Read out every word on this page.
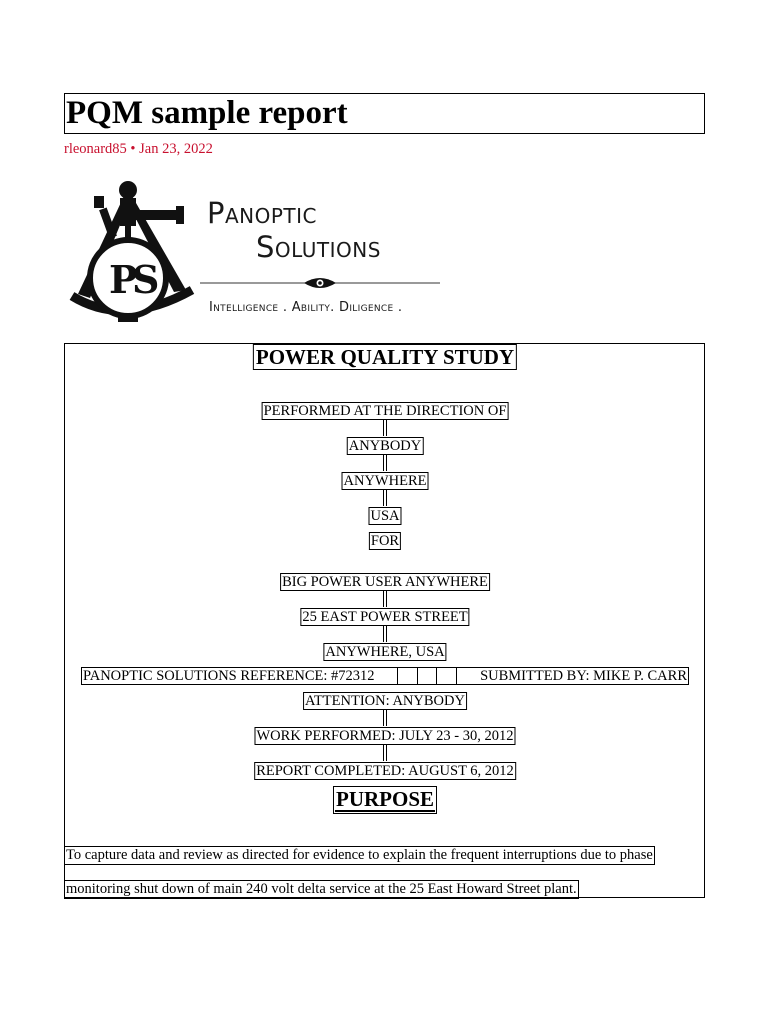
PQM sample report
rleonard85 • Jan 23, 2022
P
S
Panoptic
Solutions
Intelligence . Ability. Diligence .
POWER QUALITY STUDY
PERFORMED AT THE DIRECTION OF
ANYBODY
ANYWHERE
USA
FOR
BIG POWER USER ANYWHERE
25 EAST POWER STREET
ANYWHERE, USA
PANOPTIC SOLUTIONS REFERENCE: #72312	SUBMITTED BY: MIKE P. CARR
ATTENTION: ANYBODY
WORK PERFORMED: JULY 23 - 30, 2012
REPORT COMPLETED: AUGUST 6, 2012
PURPOSE
To capture data and review as directed for evidence to explain the frequent interruptions due to phase
monitoring shut down of main 240 volt delta service at the 25 East Howard Street plant.
